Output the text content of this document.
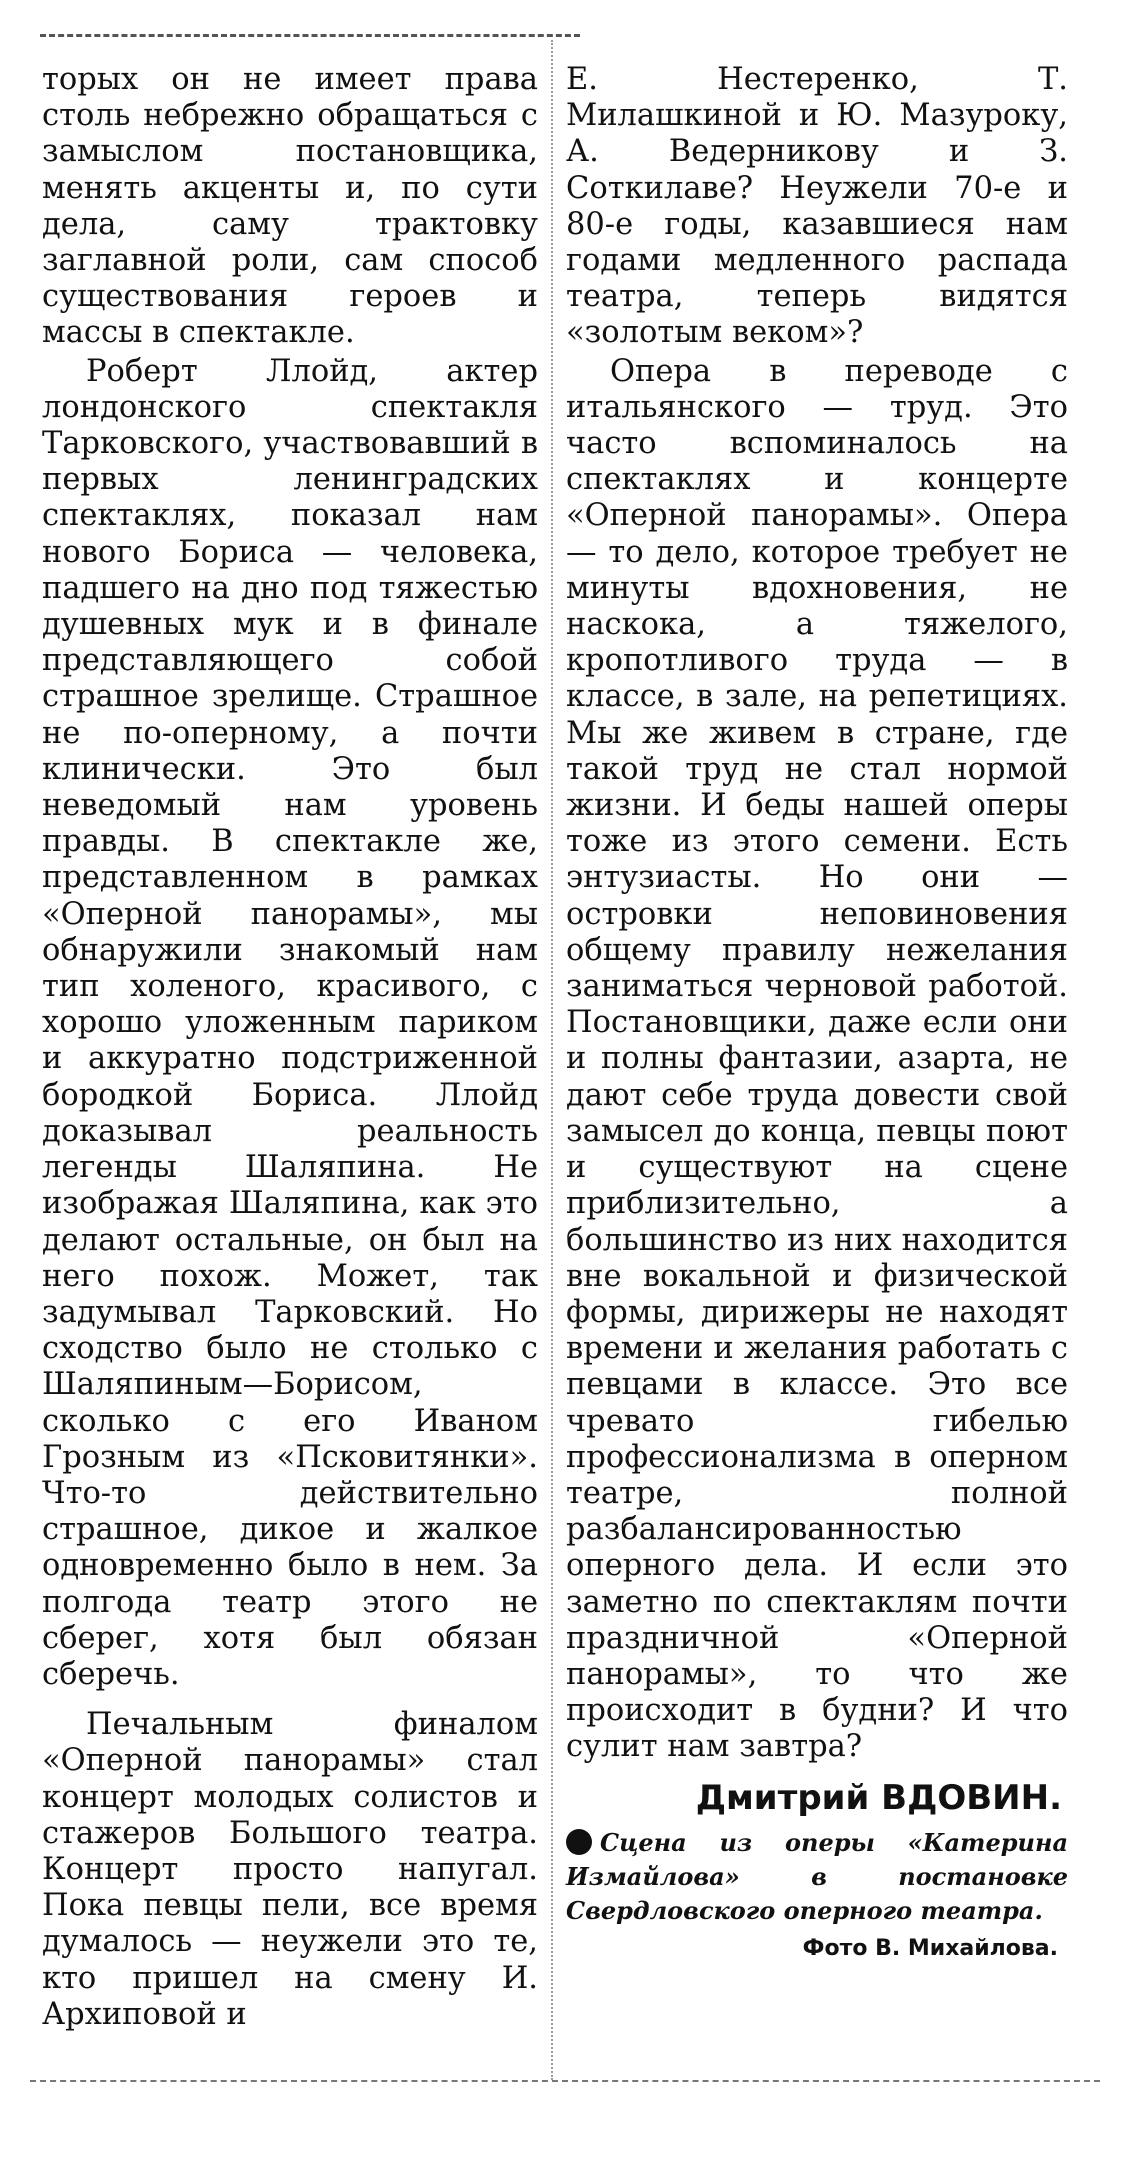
торых он не имеет права столь небрежно обращаться с замыслом постановщика, менять акценты и, по сути дела, саму трактовку заглавной роли, сам способ существования героев и массы в спектакле.

Роберт Ллойд, актер лондонского спектакля Тарковского, участвовавший в первых ленинградских спектаклях, показал нам нового Бориса — человека, падшего на дно под тяжестью душевных мук и в финале представляющего собой страшное зрелище. Страшное не по-оперному, а почти клинически. Это был неведомый нам уровень правды. В спектакле же, представленном в рамках «Оперной панорамы», мы обнаружили знакомый нам тип холеного, красивого, с хорошо уложенным париком и аккуратно подстриженной бородкой Бориса. Ллойд доказывал реальность легенды Шаляпина. Не изображая Шаляпина, как это делают остальные, он был на него похож. Может, так задумывал Тарковский. Но сходство было не столько с Шаляпиным—Борисом, сколько с его Иваном Грозным из «Псковитянки». Что-то действительно страшное, дикое и жалкое одновременно было в нем. За полгода театр этого не сберег, хотя был обязан сберечь.

Печальным финалом «Оперной панорамы» стал концерт молодых солистов и стажеров Большого театра. Концерт просто напугал. Пока певцы пели, все время думалось — неужели это те, кто пришел на смену И. Архиповой и

Е. Нестеренко, Т. Милашкиной и Ю. Мазуроку, А. Ведерникову и З. Соткилаве? Неужели 70-е и 80-е годы, казавшиеся нам годами медленного распада театра, теперь видятся «золотым веком»?

Опера в переводе с итальянского — труд. Это часто вспоминалось на спектаклях и концерте «Оперной панорамы». Опера — то дело, которое требует не минуты вдохновения, не наскока, а тяжелого, кропотливого труда — в классе, в зале, на репетициях. Мы же живем в стране, где такой труд не стал нормой жизни. И беды нашей оперы тоже из этого семени. Есть энтузиасты. Но они — островки неповиновения общему правилу нежелания заниматься черновой работой. Постановщики, даже если они и полны фантазии, азарта, не дают себе труда довести свой замысел до конца, певцы поют и существуют на сцене приблизительно, а большинство из них находится вне вокальной и физической формы, дирижеры не находят времени и желания работать с певцами в классе. Это все чревато гибелью профессионализма в оперном театре, полной разбалансированностью оперного дела. И если это заметно по спектаклям почти праздничной «Оперной панорамы», то что же происходит в будни? И что сулит нам завтра?

Дмитрий ВДОВИН.
Сцена из оперы «Катерина Измайлова» в постановке Свердловского оперного театра.
Фото В. Михайлова.
